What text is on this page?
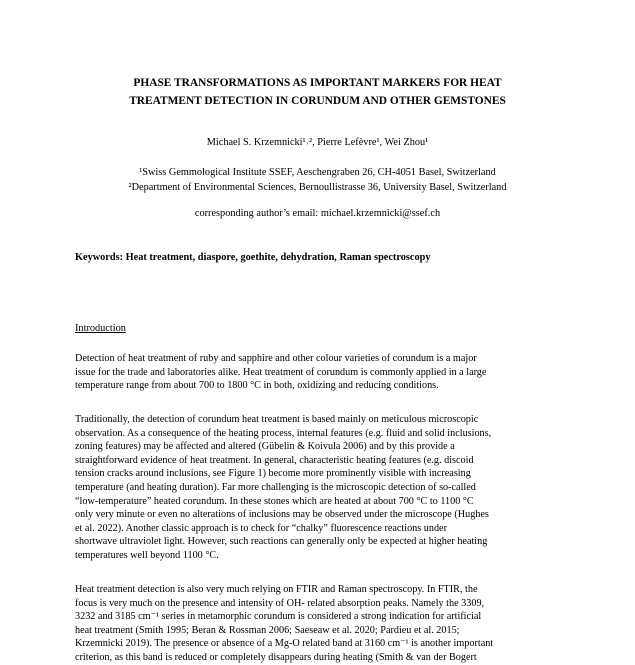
PHASE TRANSFORMATIONS AS IMPORTANT MARKERS FOR HEAT
TREATMENT DETECTION IN CORUNDUM AND OTHER GEMSTONES
Michael S. Krzemnicki¹˒², Pierre Lefèvre¹, Wei Zhou¹
¹Swiss Gemmological Institute SSEF, Aeschengraben 26, CH-4051 Basel, Switzerland
²Department of Environmental Sciences, Bernoullistrasse 36, University Basel, Switzerland
corresponding author’s email: michael.krzemnicki@ssef.ch
Keywords: Heat treatment, diaspore, goethite, dehydration, Raman spectroscopy
Introduction
Detection of heat treatment of ruby and sapphire and other colour varieties of corundum is a major
issue for the trade and laboratories alike. Heat treatment of corundum is commonly applied in a large
temperature range from about 700 to 1800 °C in both, oxidizing and reducing conditions.
Traditionally, the detection of corundum heat treatment is based mainly on meticulous microscopic
observation. As a consequence of the heating process, internal features (e.g. fluid and solid inclusions,
zoning features) may be affected and altered (Gübelin & Koivula 2006) and by this provide a
straightforward evidence of heat treatment. In general, characteristic heating features (e.g. discoid
tension cracks around inclusions, see Figure 1) become more prominently visible with increasing
temperature (and heating duration). Far more challenging is the microscopic detection of so-called
“low-temperature” heated corundum. In these stones which are heated at about 700 °C to 1100 °C
only very minute or even no alterations of inclusions may be observed under the microscope (Hughes
et al. 2022). Another classic approach is to check for “chalky” fluorescence reactions under
shortwave ultraviolet light. However, such reactions can generally only be expected at higher heating
temperatures well beyond 1100 °C.
Heat treatment detection is also very much relying on FTIR and Raman spectroscopy. In FTIR, the
focus is very much on the presence and intensity of OH- related absorption peaks. Namely the 3309,
3232 and 3185 cm⁻¹ series in metamorphic corundum is considered a strong indication for artificial
heat treatment (Smith 1995; Beran & Rossman 2006; Saeseaw et al. 2020; Pardieu et al. 2015;
Krzemnicki 2019). The presence or absence of a Mg-O related band at 3160 cm⁻¹ is another important
criterion, as this band is reduced or completely disappears during heating (Smith & van der Bogert
